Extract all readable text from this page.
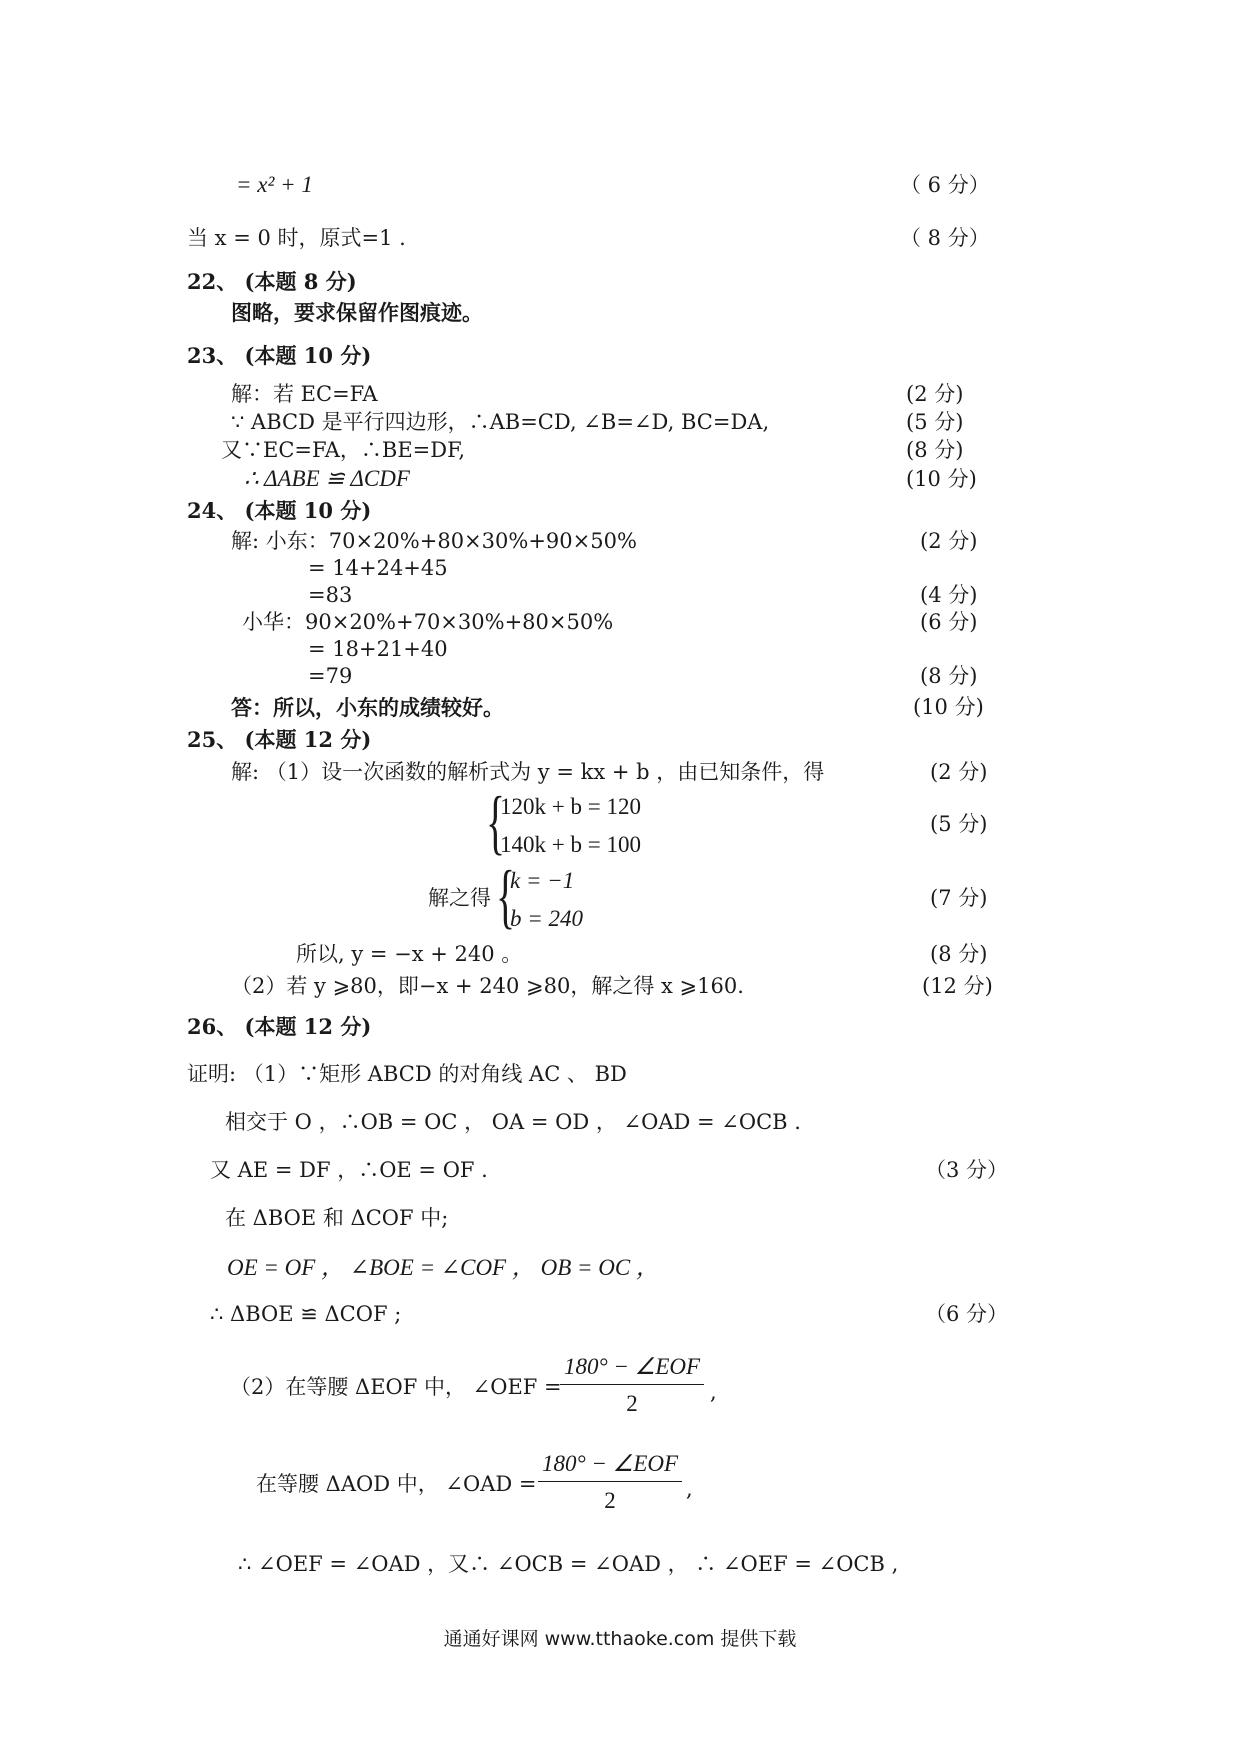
= x² + 1	（ 6 分）
当 x = 0 时，原式=1 .	（ 8 分）
22、 (本题 8 分)
图略，要求保留作图痕迹。
23、 (本题 10 分)
解：若 EC=FA	(2 分)
∵ ABCD 是平行四边形，∴AB=CD, ∠B=∠D, BC=DA,	(5 分)
又∵EC=FA，∴BE=DF,	(8 分)
∴ ΔABE ≌ ΔCDF	(10 分)
24、 (本题 10 分)
解: 小东：70×20%+80×30%+90×50%	(2 分)
= 14+24+45
=83	(4 分)
小华：90×20%+70×30%+80×50%	(6 分)
= 18+21+40
=79	(8 分)
答：所以，小东的成绩较好。	(10 分)
25、 (本题 12 分)
解: （1）设一次函数的解析式为 y = kx + b ，由已知条件，得	(2 分)
{
120k + b = 120
140k + b = 100
(5 分)
解之得 {
k = −1
b = 240
(7 分)
所以, y = −x + 240 。	(8 分)
（2）若 y ⩾80，即−x + 240 ⩾80，解之得 x ⩾160.	(12 分)
26、 (本题 12 分)
证明: （1）∵矩形 ABCD 的对角线 AC 、 BD
相交于 O ，∴OB = OC ， OA = OD ， ∠OAD = ∠OCB .
又 AE = DF ，∴OE = OF .	（3 分）
在 ΔBOE 和 ΔCOF 中;
OE = OF ， ∠BOE = ∠COF ， OB = OC ，
∴ ΔBOE ≌ ΔCOF ;	（6 分）
（2）在等腰 ΔEOF 中， ∠OEF =
180° − ∠EOF
2	,
在等腰 ΔAOD 中， ∠OAD =
180° − ∠EOF
2	,
∴ ∠OEF = ∠OAD ，又∴ ∠OCB = ∠OAD ， ∴ ∠OEF = ∠OCB ,
通通好课网 www.tthaoke.com 提供下载
